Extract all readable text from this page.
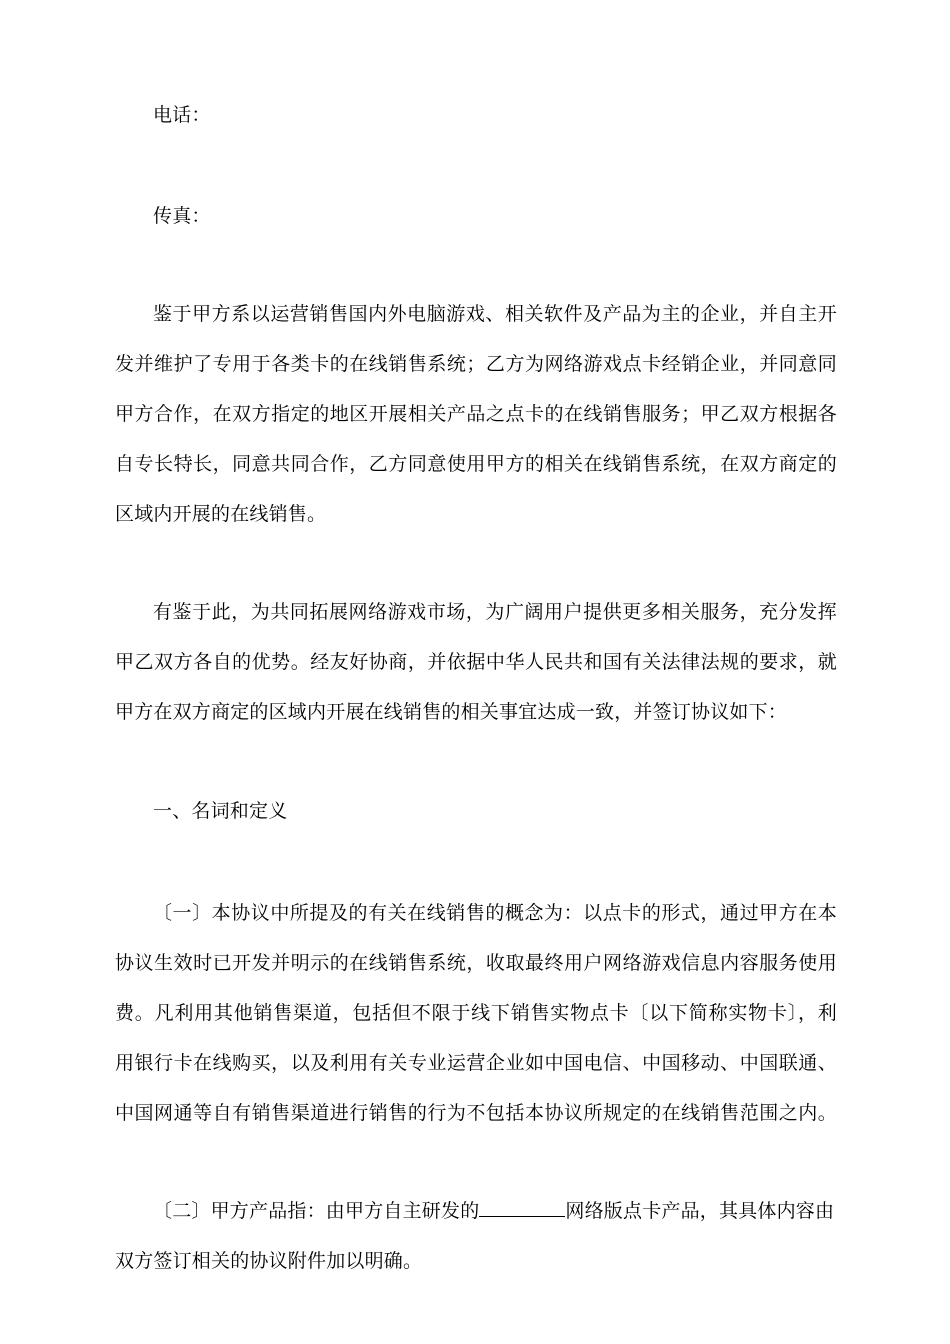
电话：
传真：
鉴于甲方系以运营销售国内外电脑游戏、相关软件及产品为主的企业，并自主开
发并维护了专用于各类卡的在线销售系统；乙方为网络游戏点卡经销企业，并同意同
甲方合作，在双方指定的地区开展相关产品之点卡的在线销售服务；甲乙双方根据各
自专长特长，同意共同合作，乙方同意使用甲方的相关在线销售系统，在双方商定的
区域内开展的在线销售。
有鉴于此，为共同拓展网络游戏市场，为广阔用户提供更多相关服务，充分发挥
甲乙双方各自的优势。经友好协商，并依据中华人民共和国有关法律法规的要求，就
甲方在双方商定的区域内开展在线销售的相关事宜达成一致，并签订协议如下：
一、名词和定义
〔一〕本协议中所提及的有关在线销售的概念为：以点卡的形式，通过甲方在本
协议生效时已开发并明示的在线销售系统，收取最终用户网络游戏信息内容服务使用
费。凡利用其他销售渠道，包括但不限于线下销售实物点卡〔以下简称实物卡〕，利
用银行卡在线购买，以及利用有关专业运营企业如中国电信、中国移动、中国联通、
中国网通等自有销售渠道进行销售的行为不包括本协议所规定的在线销售范围之内。
〔二〕甲方产品指：由甲方自主研发的	网络版点卡产品，其具体内容由
双方签订相关的协议附件加以明确。
